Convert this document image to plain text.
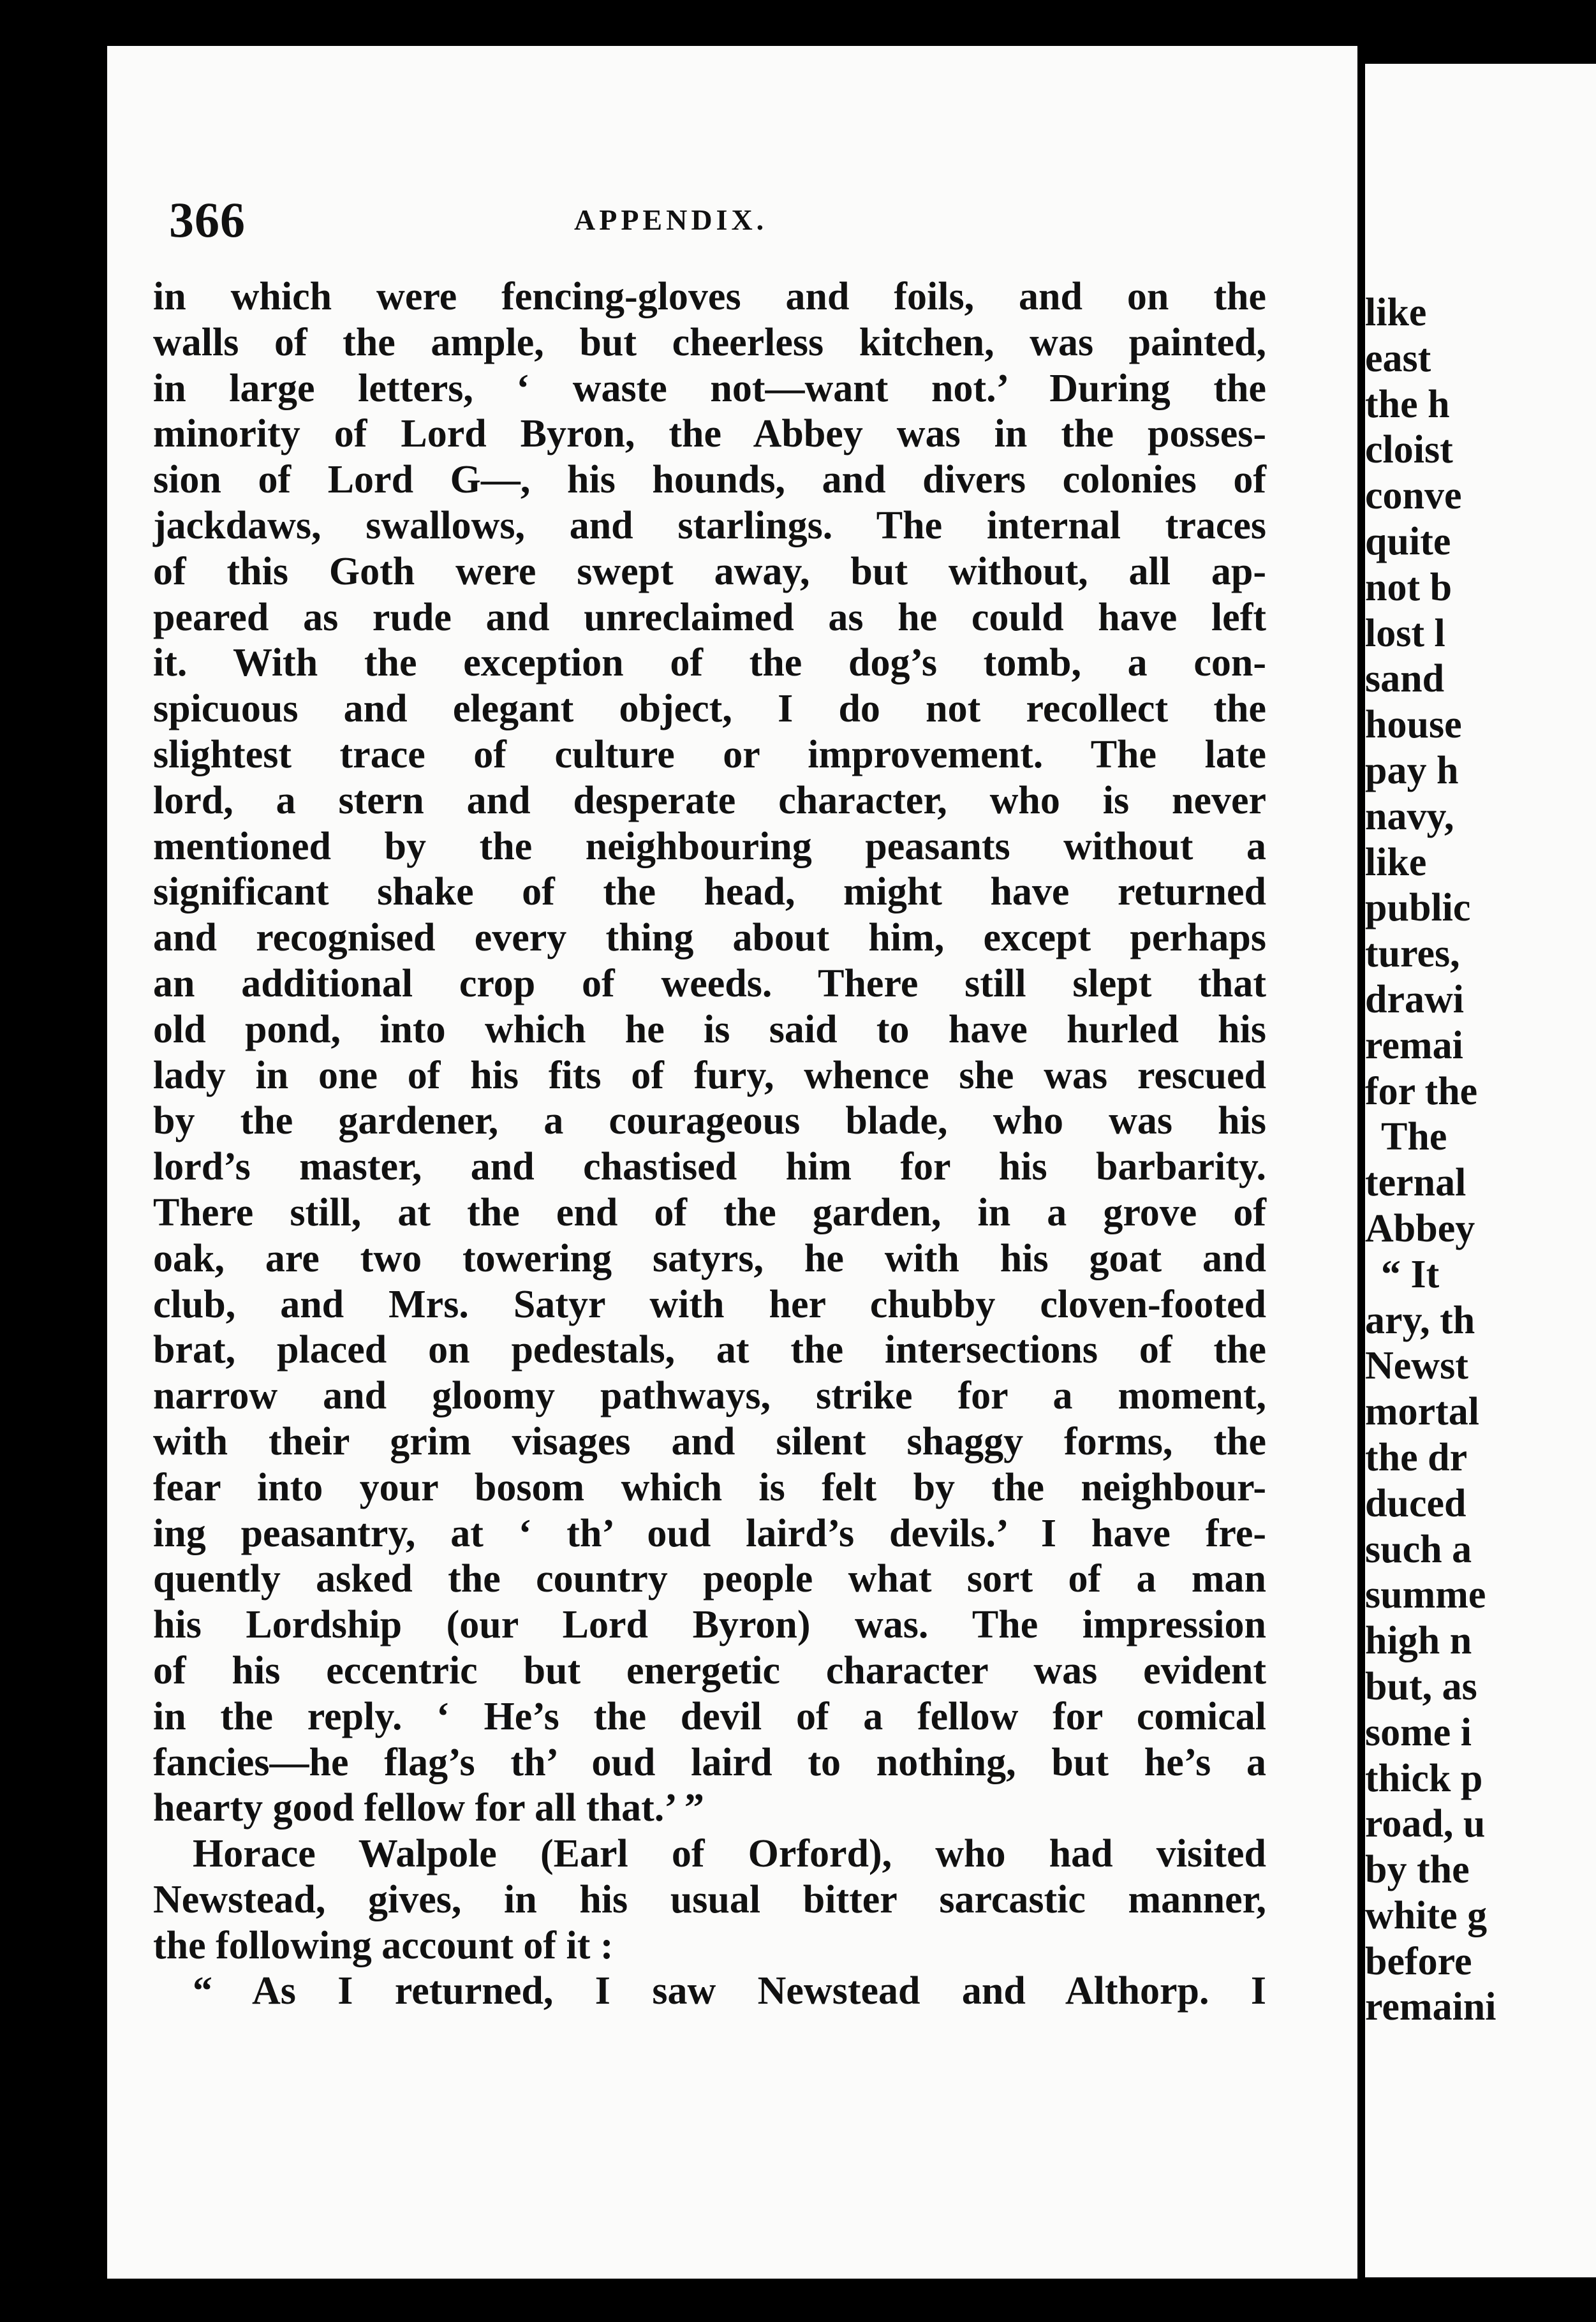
366	APPENDIX.
in which were fencing-gloves and foils, and on the
walls of the ample, but cheerless kitchen, was painted,
in large letters, ‘ waste not—want not.’ During the
minority of Lord Byron, the Abbey was in the posses-
sion of Lord G—, his hounds, and divers colonies of
jackdaws, swallows, and starlings. The internal traces
of this Goth were swept away, but without, all ap-
peared as rude and unreclaimed as he could have left
it. With the exception of the dog’s tomb, a con-
spicuous and elegant object, I do not recollect the
slightest trace of culture or improvement. The late
lord, a stern and desperate character, who is never
mentioned by the neighbouring peasants without a
significant shake of the head, might have returned
and recognised every thing about him, except perhaps
an additional crop of weeds. There still slept that
old pond, into which he is said to have hurled his
lady in one of his fits of fury, whence she was rescued
by the gardener, a courageous blade, who was his
lord’s master, and chastised him for his barbarity.
There still, at the end of the garden, in a grove of
oak, are two towering satyrs, he with his goat and
club, and Mrs. Satyr with her chubby cloven-footed
brat, placed on pedestals, at the intersections of the
narrow and gloomy pathways, strike for a moment,
with their grim visages and silent shaggy forms, the
fear into your bosom which is felt by the neighbour-
ing peasantry, at ‘ th’ oud laird’s devils.’ I have fre-
quently asked the country people what sort of a man
his Lordship (our Lord Byron) was. The impression
of his eccentric but energetic character was evident
in the reply. ‘ He’s the devil of a fellow for comical
fancies—he flag’s th’ oud laird to nothing, but he’s a
hearty good fellow for all that.’ ”
Horace Walpole (Earl of Orford), who had visited
Newstead, gives, in his usual bitter sarcastic manner,
the following account of it :
“ As I returned, I saw Newstead and Althorp. I
like
east
the h
cloist
conve
quite
not b
lost l
sand
house
pay h
navy,
like
public
tures,
drawi
remai
for the
The
ternal
Abbey
“ It
ary, th
Newst
mortal
the dr
duced
such a
summe
high n
but, as
some i
thick p
road, u
by the
white g
before
remaini
